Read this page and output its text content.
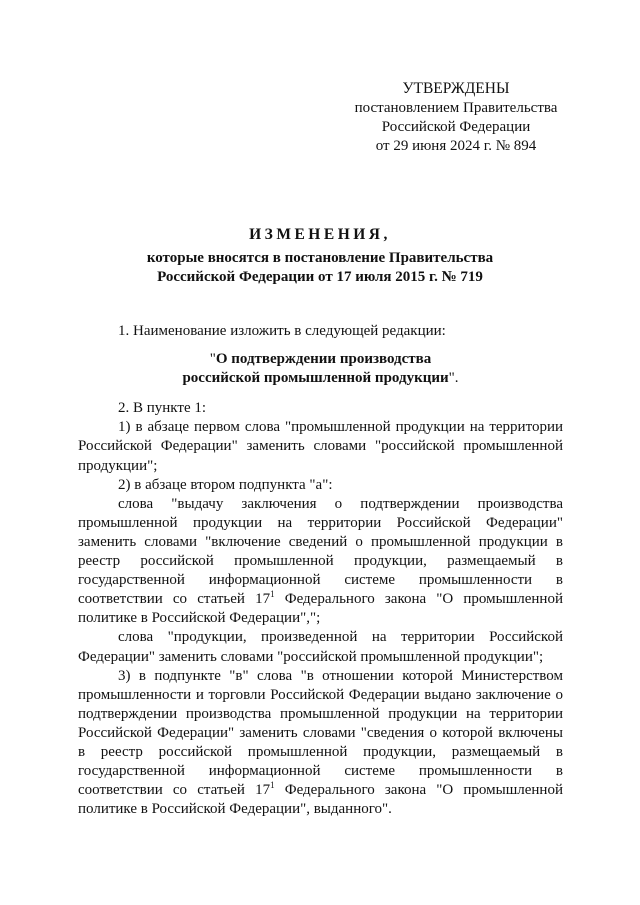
УТВЕРЖДЕНЫ
постановлением Правительства
Российской Федерации
от 29 июня 2024 г. № 894
ИЗМЕНЕНИЯ,
которые вносятся в постановление Правительства
Российской Федерации от 17 июля 2015 г. № 719

1. Наименование изложить в следующей редакции:

"О подтверждении производства
российской промышленной продукции".

2. В пункте 1:

1) в абзаце первом слова "промышленной продукции на территории Российской Федерации" заменить словами "российской промышленной продукции";

2) в абзаце втором подпункта "а":

слова "выдачу заключения о подтверждении производства промышленной продукции на территории Российской Федерации" заменить словами "включение сведений о промышленной продукции в реестр российской промышленной продукции, размещаемый в государственной информационной системе промышленности в соответствии со статьей $17^1$ Федерального закона "О промышленной политике в Российской Федерации",";

слова "продукции, произведенной на территории Российской Федерации" заменить словами "российской промышленной продукции";

3) в подпункте "в" слова "в отношении которой Министерством промышленности и торговли Российской Федерации выдано заключение о подтверждении производства промышленной продукции на территории Российской Федерации" заменить словами "сведения о которой включены в реестр российской промышленной продукции, размещаемый в государственной информационной системе промышленности в соответствии со статьей $17^1$ Федерального закона "О промышленной политике в Российской Федерации", выданного".
